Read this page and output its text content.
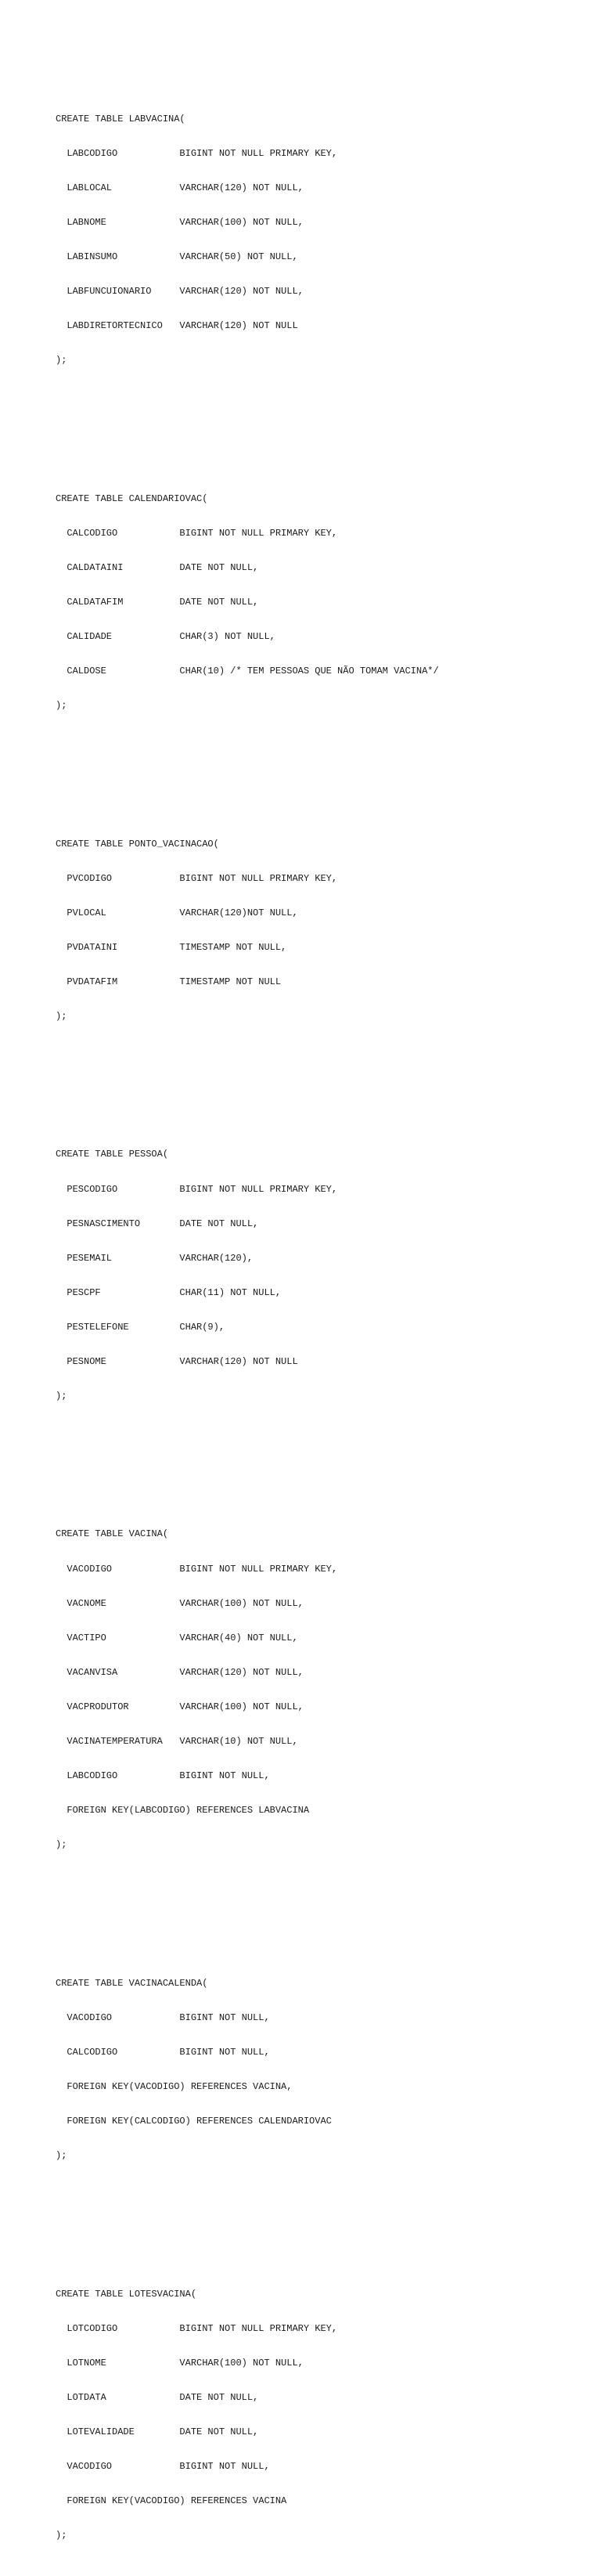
CREATE TABLE LABVACINA(

LABCODIGO           BIGINT NOT NULL PRIMARY KEY,

LABLOCAL            VARCHAR(120) NOT NULL,

LABNOME             VARCHAR(100) NOT NULL,

LABINSUMO           VARCHAR(50) NOT NULL,

LABFUNCUIONARIO     VARCHAR(120) NOT NULL,

LABDIRETORTECNICO   VARCHAR(120) NOT NULL

);

CREATE TABLE CALENDARIOVAC(

CALCODIGO           BIGINT NOT NULL PRIMARY KEY,

CALDATAINI          DATE NOT NULL,

CALDATAFIM          DATE NOT NULL,

CALIDADE            CHAR(3) NOT NULL,

CALDOSE             CHAR(10) /* TEM PESSOAS QUE NÃO TOMAM VACINA*/

);

CREATE TABLE PONTO_VACINACAO(

PVCODIGO            BIGINT NOT NULL PRIMARY KEY,

PVLOCAL             VARCHAR(120)NOT NULL,

PVDATAINI           TIMESTAMP NOT NULL,

PVDATAFIM           TIMESTAMP NOT NULL

);

CREATE TABLE PESSOA(

PESCODIGO           BIGINT NOT NULL PRIMARY KEY,

PESNASCIMENTO       DATE NOT NULL,

PESEMAIL            VARCHAR(120),

PESCPF              CHAR(11) NOT NULL,

PESTELEFONE         CHAR(9),

PESNOME             VARCHAR(120) NOT NULL

);

CREATE TABLE VACINA(

VACODIGO            BIGINT NOT NULL PRIMARY KEY,

VACNOME             VARCHAR(100) NOT NULL,

VACTIPO             VARCHAR(40) NOT NULL,

VACANVISA           VARCHAR(120) NOT NULL,

VACPRODUTOR         VARCHAR(100) NOT NULL,

VACINATEMPERATURA   VARCHAR(10) NOT NULL,

LABCODIGO           BIGINT NOT NULL,

FOREIGN KEY(LABCODIGO) REFERENCES LABVACINA

);

CREATE TABLE VACINACALENDA(

VACODIGO            BIGINT NOT NULL,

CALCODIGO           BIGINT NOT NULL,

FOREIGN KEY(VACODIGO) REFERENCES VACINA,

FOREIGN KEY(CALCODIGO) REFERENCES CALENDARIOVAC

);

CREATE TABLE LOTESVACINA(

LOTCODIGO           BIGINT NOT NULL PRIMARY KEY,

LOTNOME             VARCHAR(100) NOT NULL,

LOTDATA             DATE NOT NULL,

LOTEVALIDADE        DATE NOT NULL,

VACODIGO            BIGINT NOT NULL,

FOREIGN KEY(VACODIGO) REFERENCES VACINA

);
